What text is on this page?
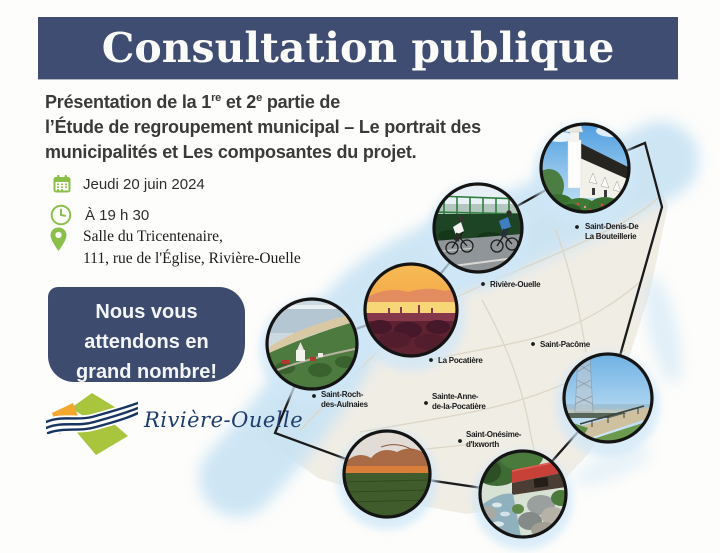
Saint-Denis-De
La Bouteillerie
Rivière-Ouelle
Saint-Pacôme
La Pocatière
Saint-Roch-
des-Aulnaies
Sainte-Anne-
de-la-Pocatière
Saint-Onésime-
d'Ixworth
Consultation publique
Présentation de la 1re et 2e partie de
l’Étude de regroupement municipal – Le portrait des
municipalités et Les composantes du projet.
Jeudi 20 juin 2024
À 19 h 30
Salle du Tricentenaire,
111, rue de l'Église, Rivière-Ouelle
Nous vous
attendons en
grand nombre!
Rivière-Ouelle
